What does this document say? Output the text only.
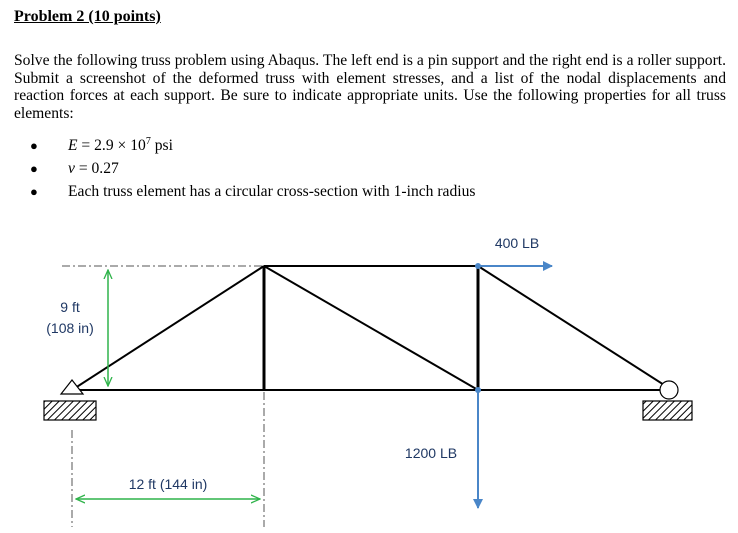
Problem 2 (10 points)
Solve the following truss problem using Abaqus. The left end is a pin support and the right end is a roller support. Submit a screenshot of the deformed truss with element stresses, and a list of the nodal displacements and reaction forces at each support. Be sure to indicate appropriate units. Use the following properties for all truss elements:
●	$E = 2.9 \times 10^7$ psi
●	ν = 0.27
●	Each truss element has a circular cross-section with 1-inch radius
9 ft
(108 in)
12 ft (144 in)
400 LB
1200 LB
